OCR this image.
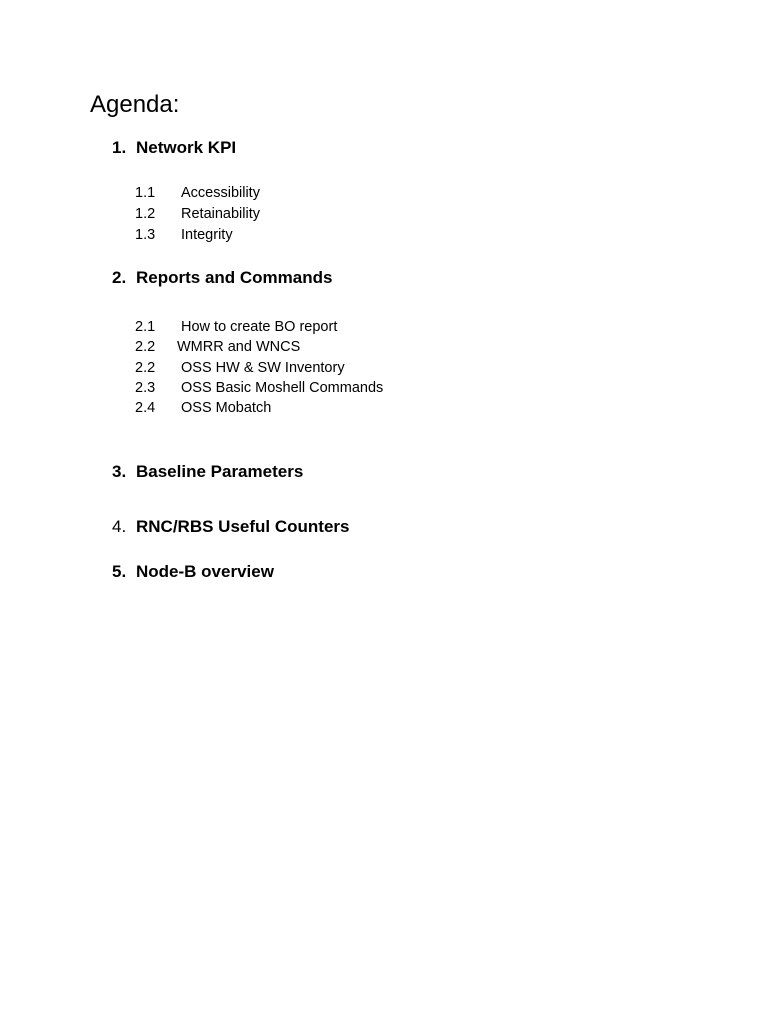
Agenda:
1. Network KPI
1.1 Accessibility
1.2 Retainability
1.3 Integrity
2. Reports and Commands
2.1 How to create BO report
2.2 WMRR and WNCS
2.2 OSS HW & SW Inventory
2.3 OSS Basic Moshell Commands
2.4 OSS Mobatch
3. Baseline Parameters
4. RNC/RBS Useful Counters
5. Node-B overview
